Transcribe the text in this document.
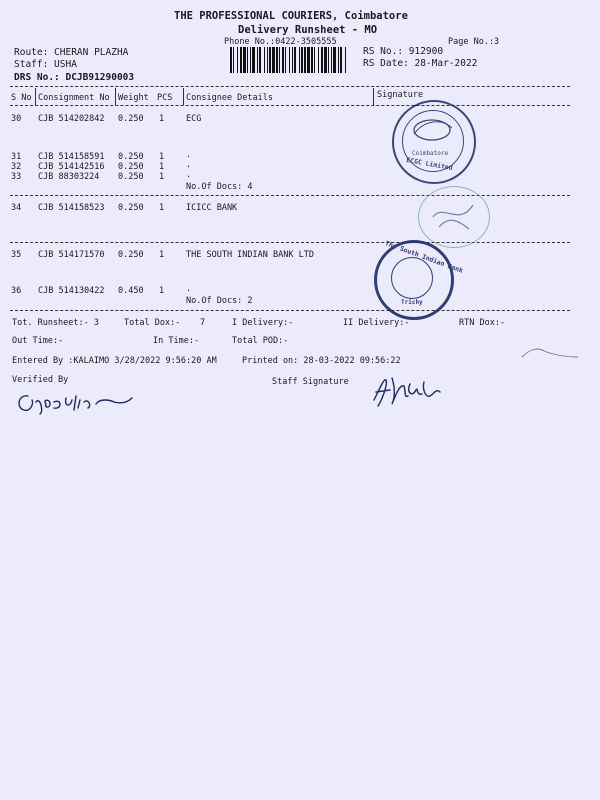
THE PROFESSIONAL COURIERS, Coimbatore
Delivery Runsheet - MO
Phone No.:0422-3505555	Page No.:3
Route: CHERAN PLAZHA
Staff: USHA
DRS No.: DCJB91290003
RS No.: 912900
RS Date: 28-Mar-2022
S No Consignment No Weight PCS Consignee Details	Signature
30 CJB 514202842 0.250 1	ECG
31 CJB 514158591 0.250 1	.
32 CJB 514142516 0.250 1	.
33 CJB 88303224 0.250 1	.
No.Of Docs: 4
34 CJB 514158523 0.250 1	ICICC BANK
35 CJB 514171570 0.250 1	THE SOUTH INDIAN BANK LTD
36 CJB 514130422 0.450 1	.
No.Of Docs: 2
Tot. Runsheet:- 3	Total Dox:- 7	I Delivery:-	II Delivery:-	RTN Dox:-
Out Time:-	In Time:-	Total POD:-
Entered By :KALAIMO 3/28/2022 9:56:20 AM	Printed on: 28-03-2022 09:56:22
Verified By	Staff Signature
Coimbatore
ECGC Limited
The South Indian Bank
Trichy
